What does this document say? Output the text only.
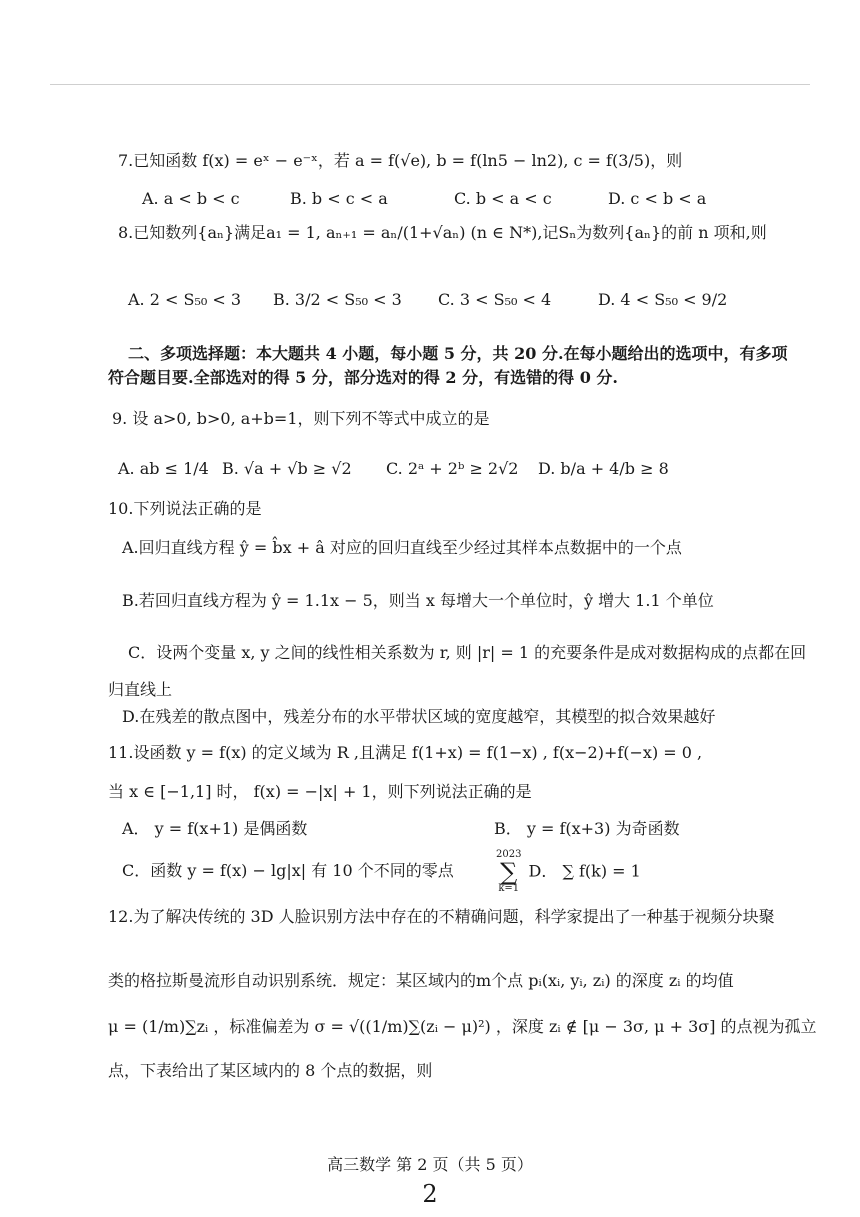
7.已知函数 f(x) = eˣ − e⁻ˣ，若 a = f(√e), b = f(ln5 − ln2), c = f(3/5)，则
A. a < b < c	B. b < c < a	C. b < a < c	D. c < b < a
8.已知数列{aₙ}满足a₁ = 1, aₙ₊₁ = aₙ/(1+√aₙ) (n ∈ N*),记Sₙ为数列{aₙ}的前 n 项和,则
A. 2 < S₅₀ < 3 B. 3/2 < S₅₀ < 3 C. 3 < S₅₀ < 4	D. 4 < S₅₀ < 9/2
二、多项选择题：本大题共 4 小题，每小题 5 分，共 20 分.在每小题给出的选项中，有多项
符合题目要.全部选对的得 5 分，部分选对的得 2 分，有选错的得 0 分.
9. 设 a>0, b>0, a+b=1，则下列不等式中成立的是
A. ab ≤ 1/4 B. √a + √b ≥ √2 C. 2ᵃ + 2ᵇ ≥ 2√2 D. b/a + 4/b ≥ 8
10.下列说法正确的是
A.回归直线方程 ŷ = b̂x + â 对应的回归直线至少经过其样本点数据中的一个点
B.若回归直线方程为 ŷ = 1.1x − 5，则当 x 每增大一个单位时，ŷ 增大 1.1 个单位
C．设两个变量 x, y 之间的线性相关系数为 r, 则 |r| = 1 的充要条件是成对数据构成的点都在回
归直线上
D.在残差的散点图中，残差分布的水平带状区域的宽度越窄，其模型的拟合效果越好
11.设函数 y = f(x) 的定义域为 R ,且满足 f(1+x) = f(1−x) , f(x−2)+f(−x) = 0 ,
当 x ∈ [−1,1] 时， f(x) = −|x| + 1，则下列说法正确的是
A． y = f(x+1) 是偶函数	B． y = f(x+3) 为奇函数
C．函数 y = f(x) − lg|x| 有 10 个不同的零点
2023
∑
k=1
D． ∑ f(k) = 1
12.为了解决传统的 3D 人脸识别方法中存在的不精确问题，科学家提出了一种基于视频分块聚
类的格拉斯曼流形自动识别系统．规定：某区域内的m个点 pᵢ(xᵢ, yᵢ, zᵢ) 的深度 zᵢ 的均值
μ = (1/m)∑zᵢ ，标准偏差为 σ = √((1/m)∑(zᵢ − μ)²) ，深度 zᵢ ∉ [μ − 3σ, μ + 3σ] 的点视为孤立
点，下表给出了某区域内的 8 个点的数据，则
高三数学 第 2 页（共 5 页）
2
